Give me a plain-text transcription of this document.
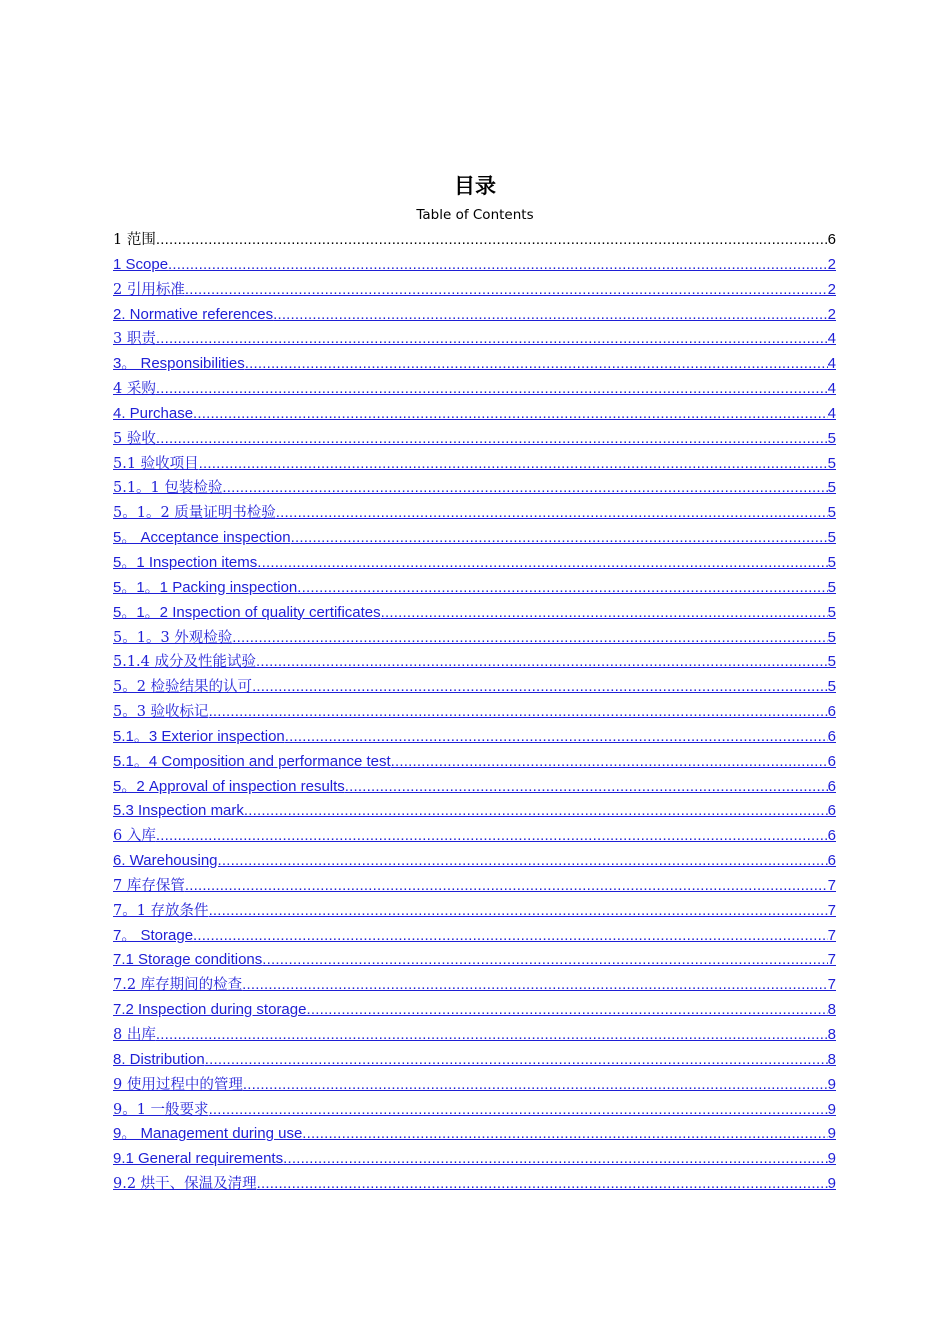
目录
Table of Contents
1 范围 .....	6
1 Scope .....	2
2 引用标准 .....	2
2. Normative references .....	2
3 职责 .....	4
3。 Responsibilities .....	4
4 采购 .....	4
4. Purchase .....	4
5 验收 .....	5
5.1 验收项目 .....	5
5.1。1 包装检验 .....	5
5。1。2 质量证明书检验 .....	5
5。 Acceptance inspection .....	5
5。1 Inspection items .....	5
5。1。1 Packing inspection .....	5
5。1。2 Inspection of quality certificates .....	5
5。1。3 外观检验 .....	5
5.1.4 成分及性能试验 .....	5
5。2 检验结果的认可 .....	5
5。3 验收标记 .....	6
5.1。3 Exterior inspection .....	6
5.1。4 Composition and performance test .....	6
5。2 Approval of inspection results .....	6
5.3 Inspection mark .....	6
6 入库 .....	6
6. Warehousing .....	6
7 库存保管 .....	7
7。1 存放条件 .....	7
7。 Storage .....	7
7.1 Storage conditions .....	7
7.2 库存期间的检查 .....	7
7.2 Inspection during storage .....	8
8 出库 .....	8
8. Distribution .....	8
9 使用过程中的管理 .....	9
9。1 一般要求 .....	9
9。 Management during use .....	9
9.1 General requirements .....	9
9.2 烘干、保温及清理 .....	9
